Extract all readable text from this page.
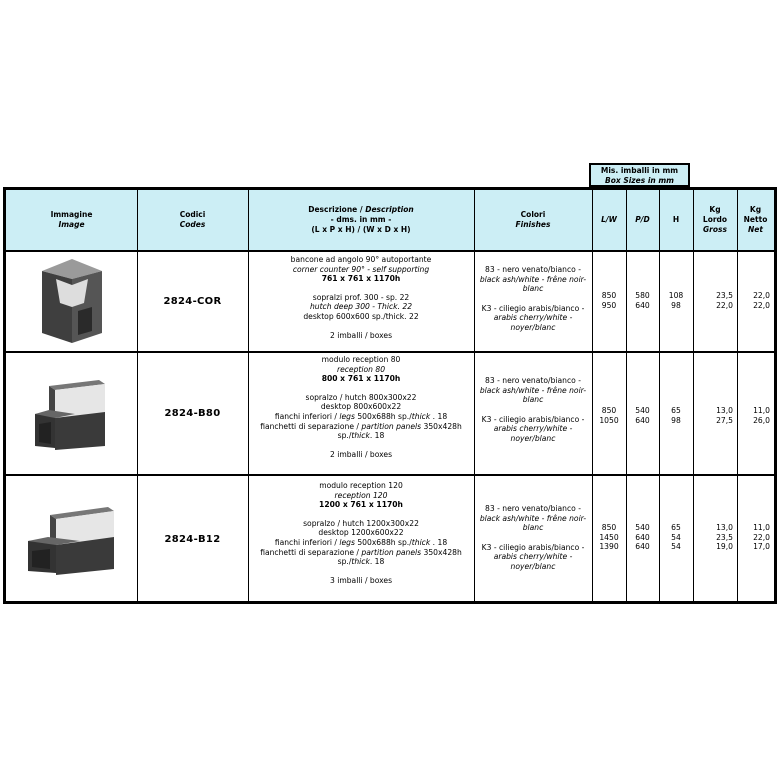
Mis. imballi in mm
Box Sizes in mm
Immagine
Image
Codici
Codes
Descrizione / Description
- dms. in mm -
(L x P x H) / (W x D x H)
Colori
Finishes
L/W P/D	H
Kg
Lordo
Gross
Kg
Netto
Net
2824-COR
bancone ad angolo 90° autoportante
corner counter 90° - self supporting
761 x 761 x 1170h
sopralzi prof. 300 - sp. 22
hutch deep 300 - Thick. 22
desktop 600x600 sp./thick. 22
2 imballi / boxes
83 - nero venato/bianco -
black ash/white - frêne noir-
blanc
K3 - ciliegio arabis/bianco -
arabis cherry/white -
noyer/blanc
850
950
580
640
108
98
23,5
22,0
22,0
22,0
2824-B80
modulo reception 80
reception 80
800 x 761 x 1170h
sopralzo / hutch 800x300x22
desktop 800x600x22
fianchi inferiori / legs 500x688h sp./thick . 18
fianchetti di separazione / partition panels 350x428h
sp./thick. 18
2 imballi / boxes
83 - nero venato/bianco -
black ash/white - frêne noir-
blanc
K3 - ciliegio arabis/bianco -
arabis cherry/white -
noyer/blanc
850
1050
540
640
65
98
13,0
27,5
11,0
26,0
2824-B12
modulo reception 120
reception 120
1200 x 761 x 1170h
sopralzo / hutch 1200x300x22
desktop 1200x600x22
fianchi inferiori / legs 500x688h sp./thick . 18
fianchetti di separazione / partition panels 350x428h
sp./thick. 18
3 imballi / boxes
83 - nero venato/bianco -
black ash/white - frêne noir-
blanc
K3 - ciliegio arabis/bianco -
arabis cherry/white -
noyer/blanc
850
1450
1390
540
640
640
65
54
54
13,0
23,5
19,0
11,0
22,0
17,0
